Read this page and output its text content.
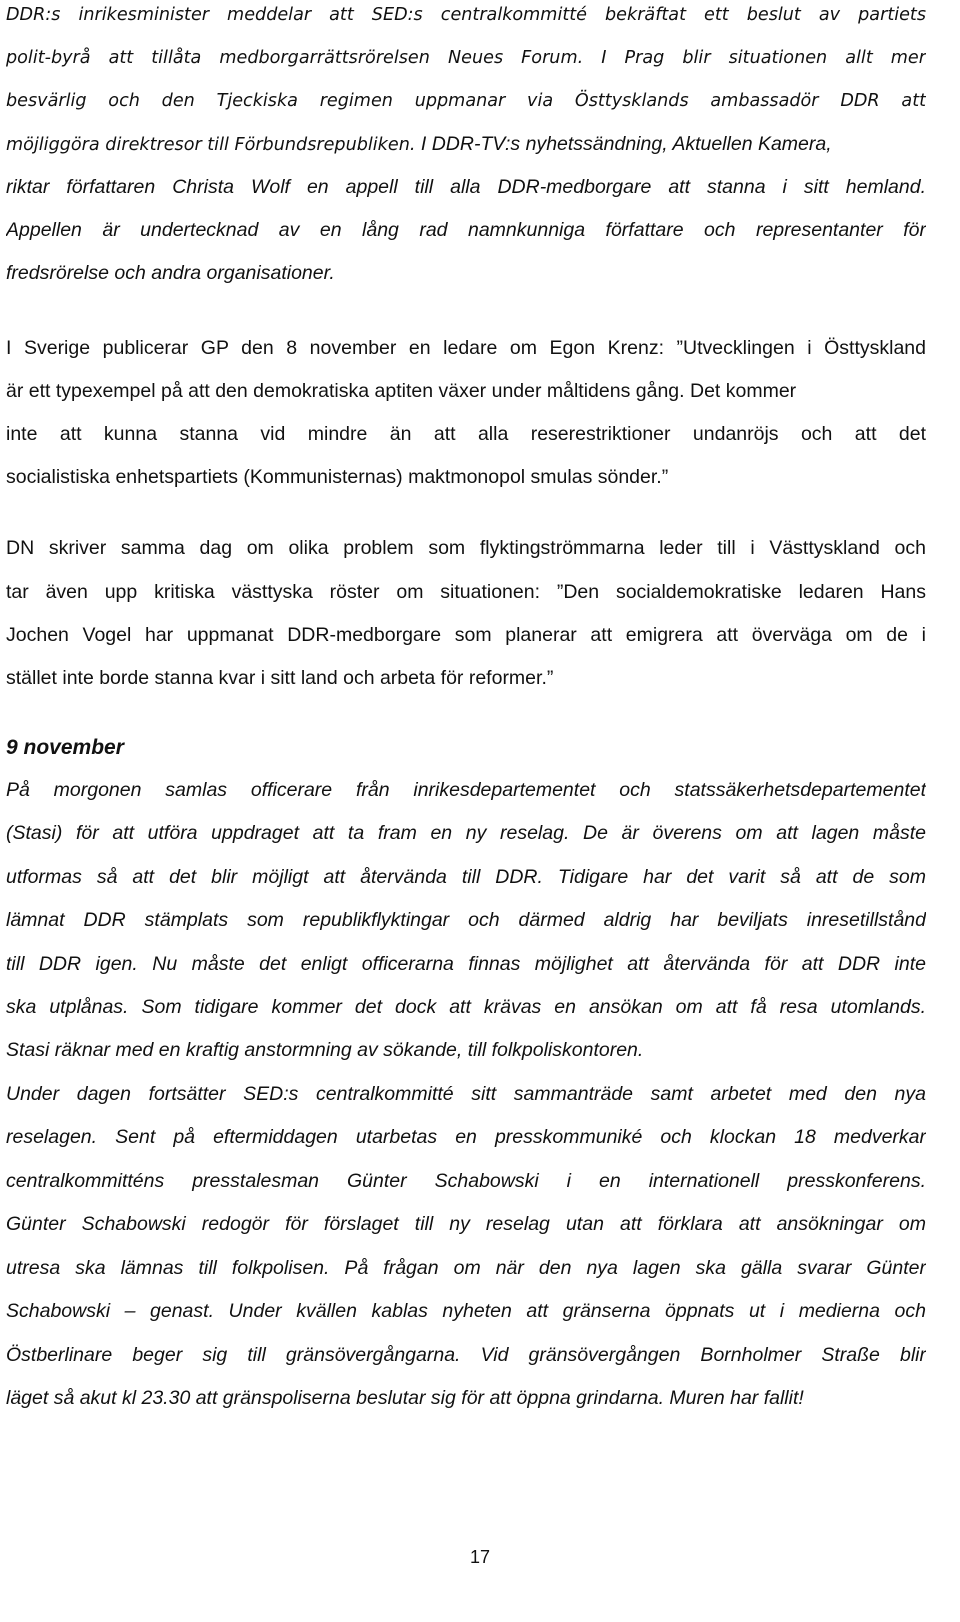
DDR:s inrikesminister meddelar att SED:s centralkommitté bekräftat ett beslut av partiets
polit-byrå att tillåta medborgarrättsrörelsen Neues Forum. I Prag blir situationen allt mer
besvärlig och den Tjeckiska regimen uppmanar via Östtysklands ambassadör DDR att
möjliggöra direktresor till Förbundsrepubliken. I DDR-TV:s nyhetssändning, Aktuellen Kamera,
riktar författaren Christa Wolf en appell till alla DDR-medborgare att stanna i sitt hemland.
Appellen är undertecknad av en lång rad namnkunniga författare och representanter för
fredsrörelse och andra organisationer.
I Sverige publicerar GP den 8 november en ledare om Egon Krenz: ”Utvecklingen i Östtyskland
är ett typexempel på att den demokratiska aptiten växer under måltidens gång. Det kommer
inte att kunna stanna vid mindre än att alla reserestriktioner undanröjs och att det
socialistiska enhetspartiets (Kommunisternas) maktmonopol smulas sönder.”
DN skriver samma dag om olika problem som flyktingströmmarna leder till i Västtyskland och
tar även upp kritiska västtyska röster om situationen: ”Den socialdemokratiske ledaren Hans
Jochen Vogel har uppmanat DDR-medborgare som planerar att emigrera att överväga om de i
stället inte borde stanna kvar i sitt land och arbeta för reformer.”
9 november
På morgonen samlas officerare från inrikesdepartementet och statssäkerhetsdepartementet
(Stasi) för att utföra uppdraget att ta fram en ny reselag. De är överens om att lagen måste
utformas så att det blir möjligt att återvända till DDR. Tidigare har det varit så att de som
lämnat DDR stämplats som republikflyktingar och därmed aldrig har beviljats inresetillstånd
till DDR igen. Nu måste det enligt officerarna finnas möjlighet att återvända för att DDR inte
ska utplånas. Som tidigare kommer det dock att krävas en ansökan om att få resa utomlands.
Stasi räknar med en kraftig anstormning av sökande, till folkpoliskontoren.
Under dagen fortsätter SED:s centralkommitté sitt sammanträde samt arbetet med den nya
reselagen. Sent på eftermiddagen utarbetas en presskommuniké och klockan 18 medverkar
centralkommitténs presstalesman Günter Schabowski i en internationell presskonferens.
Günter Schabowski redogör för förslaget till ny reselag utan att förklara att ansökningar om
utresa ska lämnas till folkpolisen. På frågan om när den nya lagen ska gälla svarar Günter
Schabowski – genast. Under kvällen kablas nyheten att gränserna öppnats ut i medierna och
Östberlinare beger sig till gränsövergångarna. Vid gränsövergången Bornholmer Straße blir
läget så akut kl 23.30 att gränspoliserna beslutar sig för att öppna grindarna. Muren har fallit!
17
